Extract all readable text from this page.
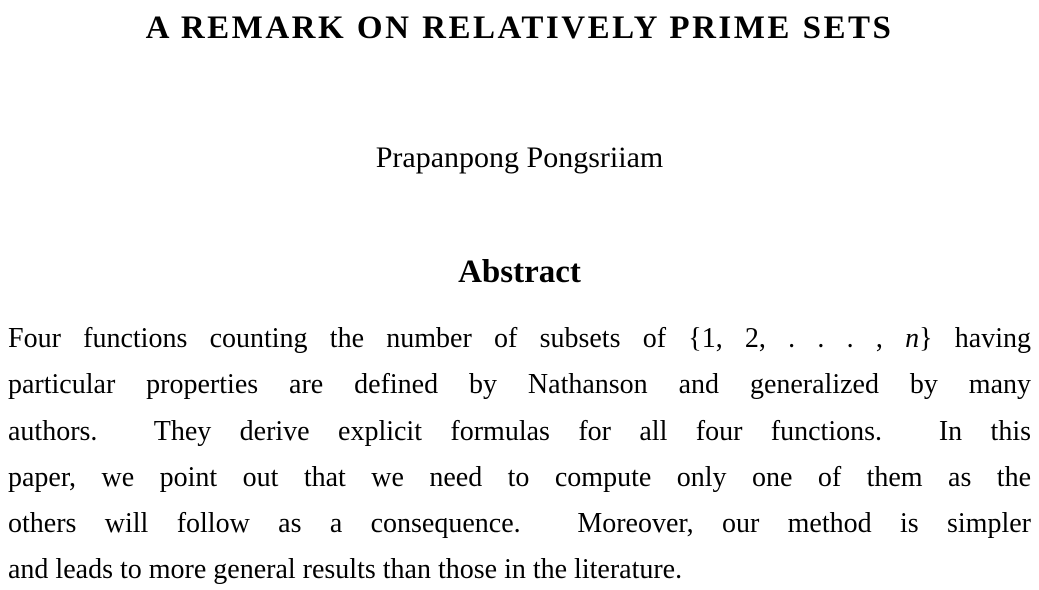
A REMARK ON RELATIVELY PRIME SETS
Prapanpong Pongsriiam
Abstract
Four functions counting the number of subsets of {1, 2, . . . , n} having
particular properties are defined by Nathanson and generalized by many
authors.  They derive explicit formulas for all four functions.  In this
paper, we point out that we need to compute only one of them as the
others will follow as a consequence.  Moreover, our method is simpler
and leads to more general results than those in the literature.
